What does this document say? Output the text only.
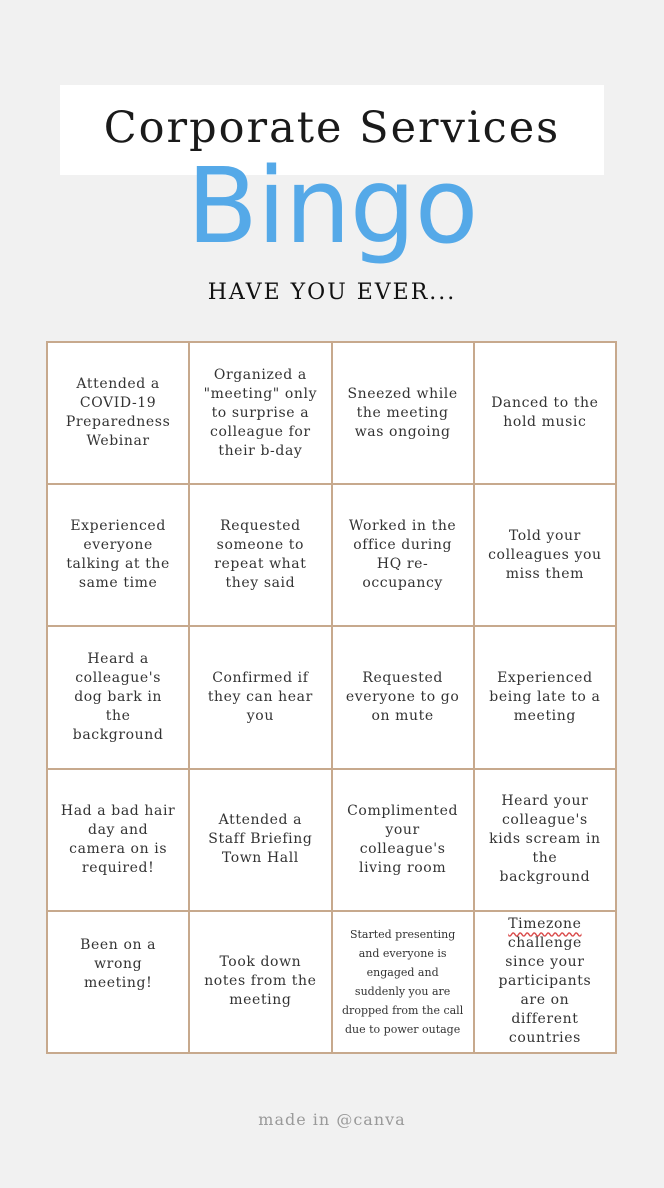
Corporate Services
Bingo
HAVE YOU EVER...
Attended a COVID-19 Preparedness Webinar
Organized a "meeting" only to surprise a colleague for their b-day
Sneezed while the meeting was ongoing
Danced to the hold music
Experienced everyone talking at the same time
Requested someone to repeat what they said
Worked in the office during HQ re-occupancy
Told your colleagues you miss them
Heard a colleague's dog bark in the background
Confirmed if they can hear you
Requested everyone to go on mute
Experienced being late to a meeting
Had a bad hair day and camera on is required!
Attended a Staff Briefing Town Hall
Complimented your colleague's living room
Heard your colleague's kids scream in the background
Been on a wrong meeting!
Took down notes from the meeting
Started presenting and everyone is engaged and suddenly you are dropped from the call due to power outage
Timezone
challenge since your participants are on different countries
made in @canva
